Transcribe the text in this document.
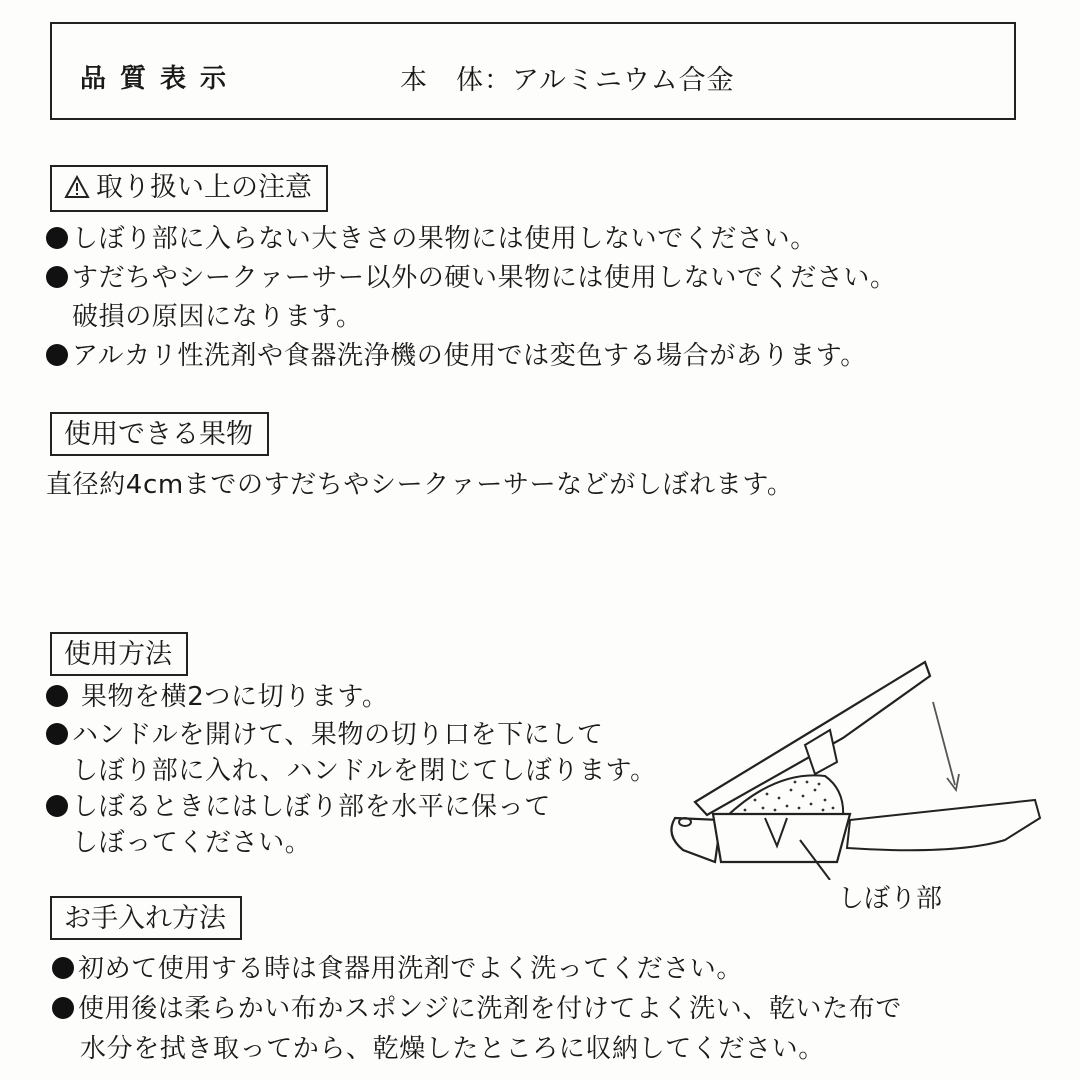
品質表示	本　体：アルミニウム合金
取り扱い上の注意
しぼり部に入らない大きさの果物には使用しないでください。
すだちやシークァーサー以外の硬い果物には使用しないでください。
破損の原因になります。
アルカリ性洗剤や食器洗浄機の使用では変色する場合があります。
使用できる果物
直径約4cmまでのすだちやシークァーサーなどがしぼれます。
使用方法
果物を横2つに切ります。
ハンドルを開けて、果物の切り口を下にして
しぼり部に入れ、ハンドルを閉じてしぼります。
しぼるときにはしぼり部を水平に保って
しぼってください。
しぼり部
お手入れ方法
初めて使用する時は食器用洗剤でよく洗ってください。
使用後は柔らかい布かスポンジに洗剤を付けてよく洗い、乾いた布で
水分を拭き取ってから、乾燥したところに収納してください。
